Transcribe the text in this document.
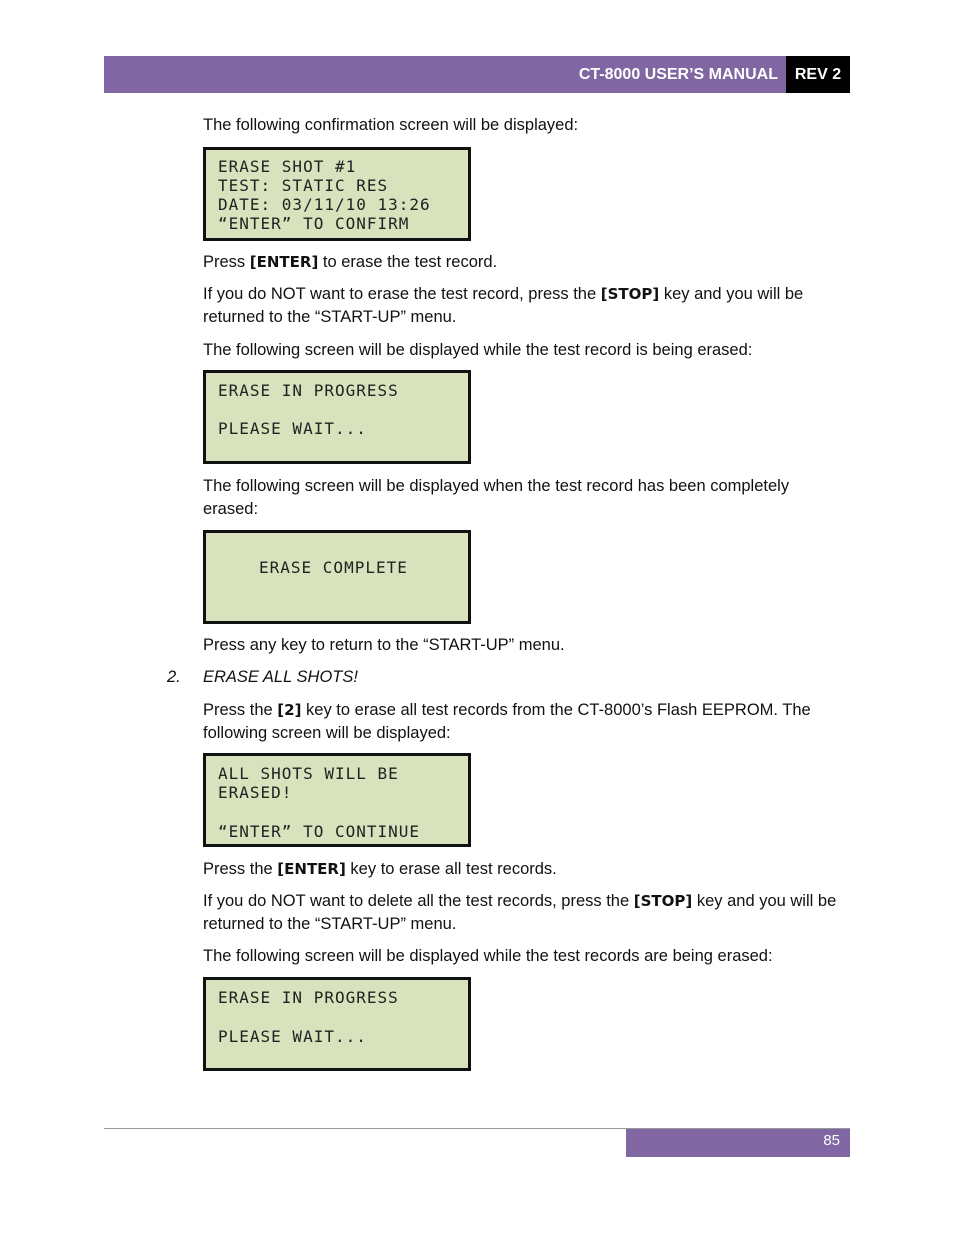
CT-8000 USER’S MANUAL	REV 2

The following confirmation screen will be displayed:

ERASE SHOT #1
TEST: STATIC RES
DATE: 03/11/10 13:26
“ENTER” TO CONFIRM

Press [ENTER] to erase the test record.

If you do NOT want to erase the test record, press the [STOP] key and you will be returned to the “START-UP” menu.

The following screen will be displayed while the test record is being erased:

ERASE IN PROGRESS
PLEASE WAIT...

The following screen will be displayed when the test record has been completely erased:

ERASE COMPLETE

Press any key to return to the “START-UP” menu.

2.	ERASE ALL SHOTS!

Press the [2] key to erase all test records from the CT-8000’s Flash EEPROM. The following screen will be displayed:

ALL SHOTS WILL BE
ERASED!
“ENTER” TO CONTINUE

Press the [ENTER] key to erase all test records.

If you do NOT want to delete all the test records, press the [STOP] key and you will be returned to the “START-UP” menu.

The following screen will be displayed while the test records are being erased:

ERASE IN PROGRESS
PLEASE WAIT...
85
